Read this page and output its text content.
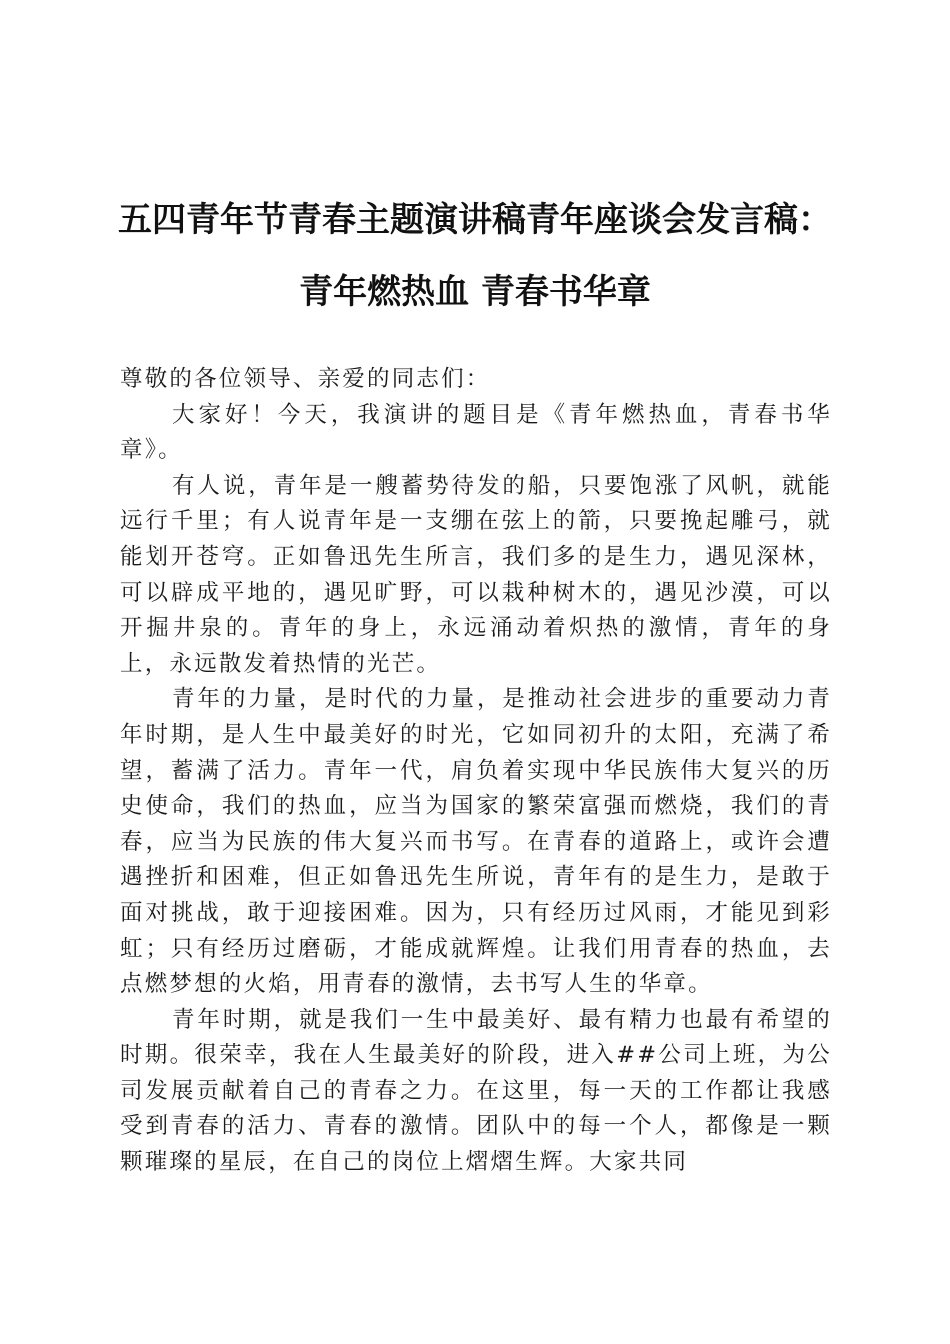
五四青年节青春主题演讲稿青年座谈会发言稿：
青年燃热血 青春书华章

尊敬的各位领导、亲爱的同志们：

大家好！今天，我演讲的题目是《青年燃热血，青春书华章》。

有人说，青年是一艘蓄势待发的船，只要饱涨了风帆，就能远行千里；有人说青年是一支绷在弦上的箭，只要挽起雕弓，就能划开苍穹。正如鲁迅先生所言，我们多的是生力，遇见深林，可以辟成平地的，遇见旷野，可以栽种树木的，遇见沙漠，可以开掘井泉的。青年的身上，永远涌动着炽热的激情，青年的身上，永远散发着热情的光芒。

青年的力量，是时代的力量，是推动社会进步的重要动力青年时期，是人生中最美好的时光，它如同初升的太阳，充满了希望，蓄满了活力。青年一代，肩负着实现中华民族伟大复兴的历史使命，我们的热血，应当为国家的繁荣富强而燃烧，我们的青春，应当为民族的伟大复兴而书写。在青春的道路上，或许会遭遇挫折和困难，但正如鲁迅先生所说，青年有的是生力，是敢于面对挑战，敢于迎接困难。因为，只有经历过风雨，才能见到彩虹；只有经历过磨砺，才能成就辉煌。让我们用青春的热血，去点燃梦想的火焰，用青春的激情，去书写人生的华章。

青年时期，就是我们一生中最美好、最有精力也最有希望的时期。很荣幸，我在人生最美好的阶段，进入##公司上班，为公司发展贡献着自己的青春之力。在这里，每一天的工作都让我感受到青春的活力、青春的激情。团队中的每一个人，都像是一颗颗璀璨的星辰，在自己的岗位上熠熠生辉。大家共同
